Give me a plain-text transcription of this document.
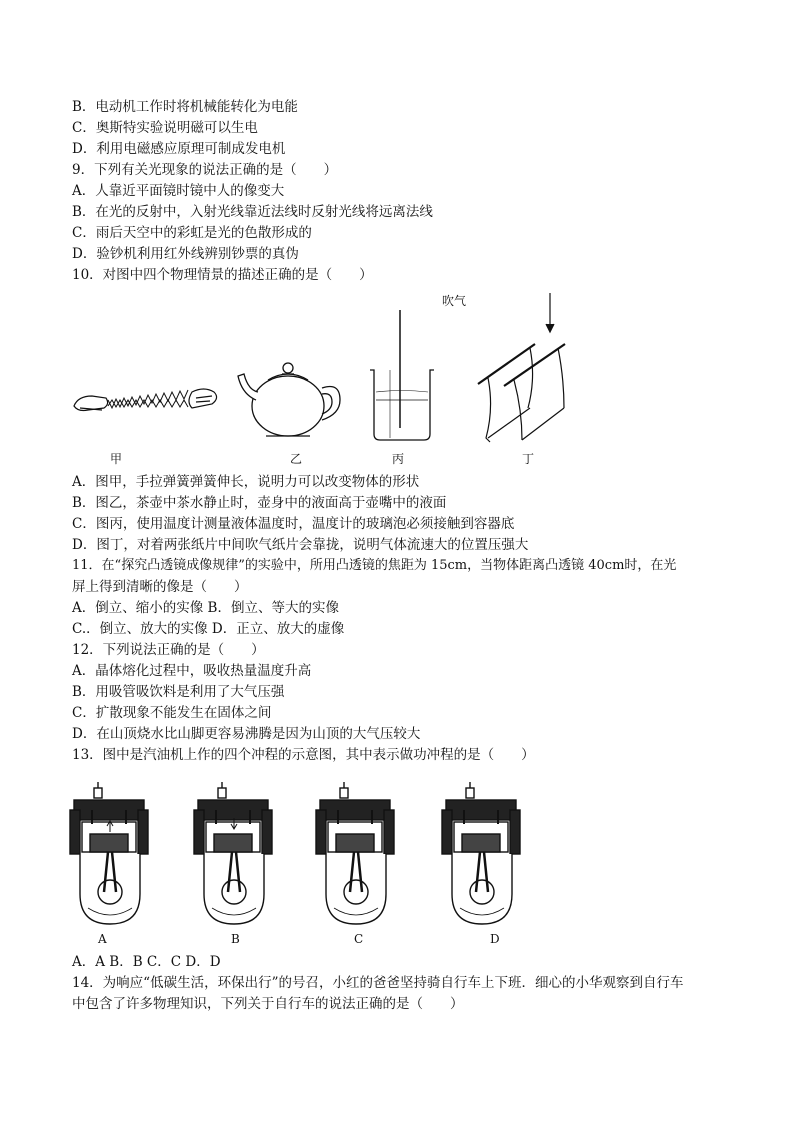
B．电动机工作时将机械能转化为电能
C．奥斯特实验说明磁可以生电
D．利用电磁感应原理可制成发电机
9．下列有关光现象的说法正确的是（　　）
A．人靠近平面镜时镜中人的像变大
B．在光的反射中，入射光线靠近法线时反射光线将远离法线
C．雨后天空中的彩虹是光的色散形成的
D．验钞机利用红外线辨别钞票的真伪
10．对图中四个物理情景的描述正确的是（　　）
吹气
甲	乙	丙	丁
A．图甲，手拉弹簧弹簧伸长，说明力可以改变物体的形状
B．图乙，茶壶中茶水静止时，壶身中的液面高于壶嘴中的液面
C．图丙，使用温度计测量液体温度时，温度计的玻璃泡必须接触到容器底
D．图丁，对着两张纸片中间吹气纸片会靠拢，说明气体流速大的位置压强大
11．在“探究凸透镜成像规律”的实验中，所用凸透镜的焦距为 15cm，当物体距离凸透镜 40cm时，在光
屏上得到清晰的像是（　　）
A．倒立、缩小的实像 B．倒立、等大的实像
C.．倒立、放大的实像 D．正立、放大的虚像
12．下列说法正确的是（　　）
A．晶体熔化过程中，吸收热量温度升高
B．用吸管吸饮料是利用了大气压强
C．扩散现象不能发生在固体之间
D．在山顶烧水比山脚更容易沸腾是因为山顶的大气压较大
13．图中是汽油机上作的四个冲程的示意图，其中表示做功冲程的是（　　）
A	B	C	D
A．A B．B C．C D．D
14．为响应“低碳生活，环保出行”的号召，小红的爸爸坚持骑自行车上下班．细心的小华观察到自行车
中包含了许多物理知识，下列关于自行车的说法正确的是（　　）
